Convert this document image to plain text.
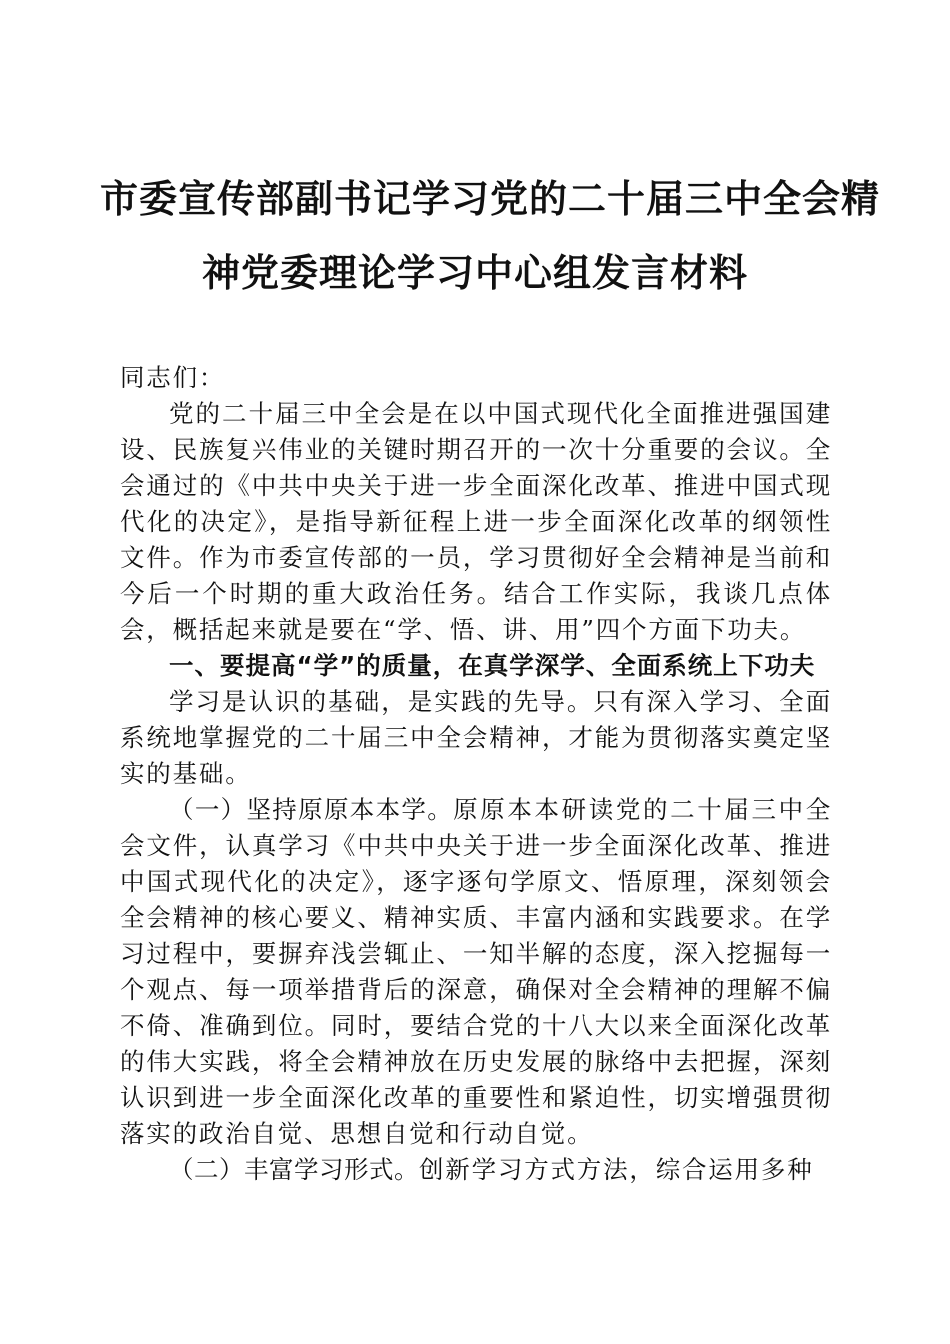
市委宣传部副书记学习党的二十届三中全会精
神党委理论学习中心组发言材料

同志们：

党的二十届三中全会是在以中国式现代化全面推进强国建设、民族复兴伟业的关键时期召开的一次十分重要的会议。全会通过的《中共中央关于进一步全面深化改革、推进中国式现代化的决定》，是指导新征程上进一步全面深化改革的纲领性文件。作为市委宣传部的一员，学习贯彻好全会精神是当前和今后一个时期的重大政治任务。结合工作实际，我谈几点体会，概括起来就是要在“学、悟、讲、用”四个方面下功夫。

一、要提高“学”的质量，在真学深学、全面系统上下功夫

学习是认识的基础，是实践的先导。只有深入学习、全面系统地掌握党的二十届三中全会精神，才能为贯彻落实奠定坚实的基础。

（一）坚持原原本本学。原原本本研读党的二十届三中全会文件，认真学习《中共中央关于进一步全面深化改革、推进中国式现代化的决定》，逐字逐句学原文、悟原理，深刻领会全会精神的核心要义、精神实质、丰富内涵和实践要求。在学习过程中，要摒弃浅尝辄止、一知半解的态度，深入挖掘每一个观点、每一项举措背后的深意，确保对全会精神的理解不偏不倚、准确到位。同时，要结合党的十八大以来全面深化改革的伟大实践，将全会精神放在历史发展的脉络中去把握，深刻认识到进一步全面深化改革的重要性和紧迫性，切实增强贯彻落实的政治自觉、思想自觉和行动自觉。

（二）丰富学习形式。创新学习方式方法，综合运用多种
